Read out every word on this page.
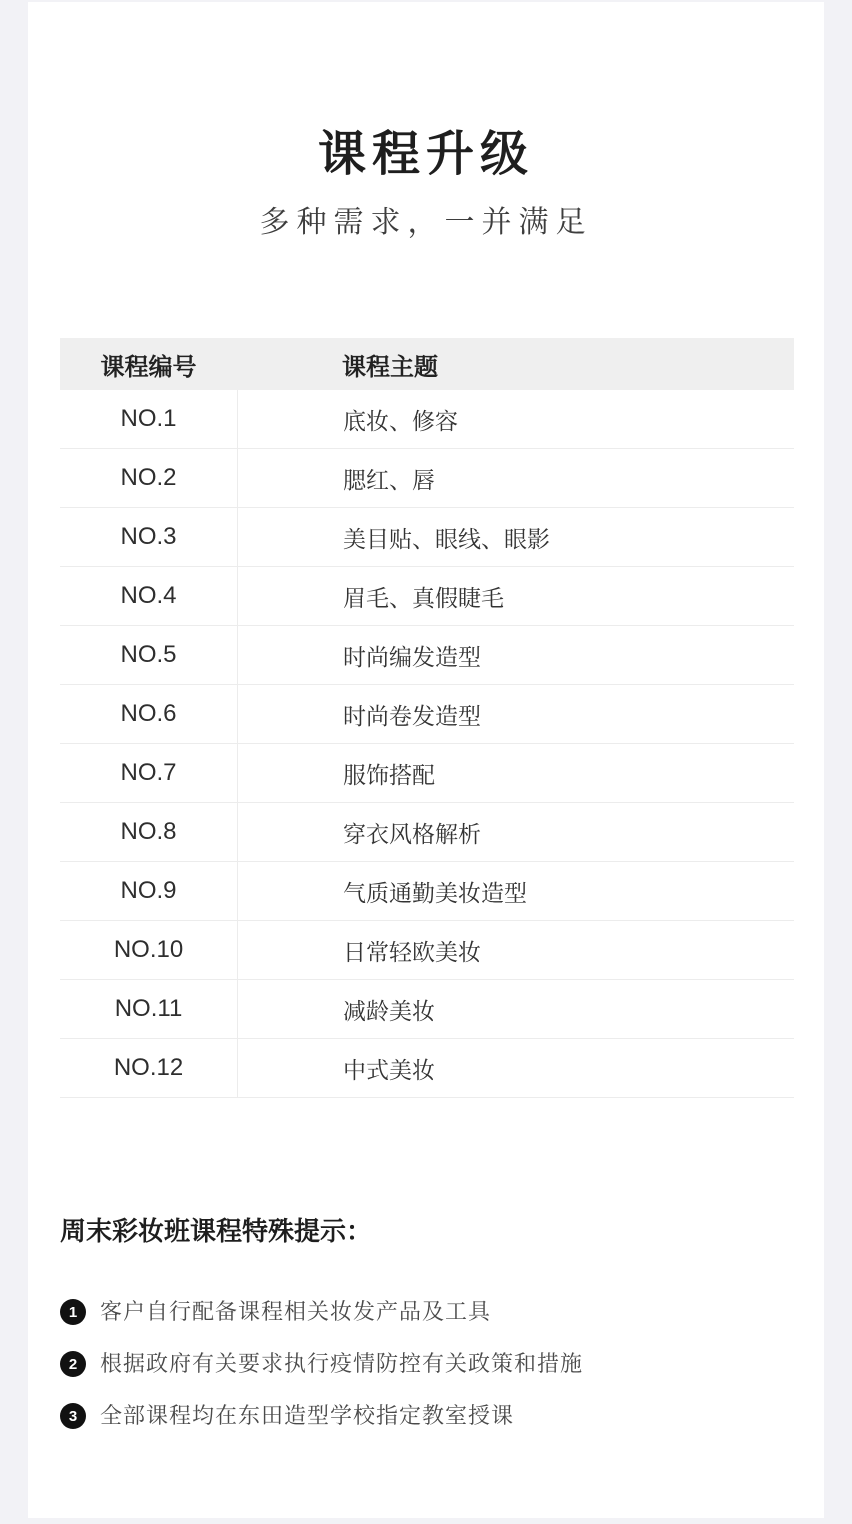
课程升级
多种需求，一并满足
课程编号	课程主题
NO.1	底妆、修容
NO.2	腮红、唇
NO.3	美目贴、眼线、眼影
NO.4	眉毛、真假睫毛
NO.5	时尚编发造型
NO.6	时尚卷发造型
NO.7	服饰搭配
NO.8	穿衣风格解析
NO.9	气质通勤美妆造型
NO.10	日常轻欧美妆
NO.11	减龄美妆
NO.12	中式美妆
周末彩妆班课程特殊提示：
1	客户自行配备课程相关妆发产品及工具
2	根据政府有关要求执行疫情防控有关政策和措施
3	全部课程均在东田造型学校指定教室授课
